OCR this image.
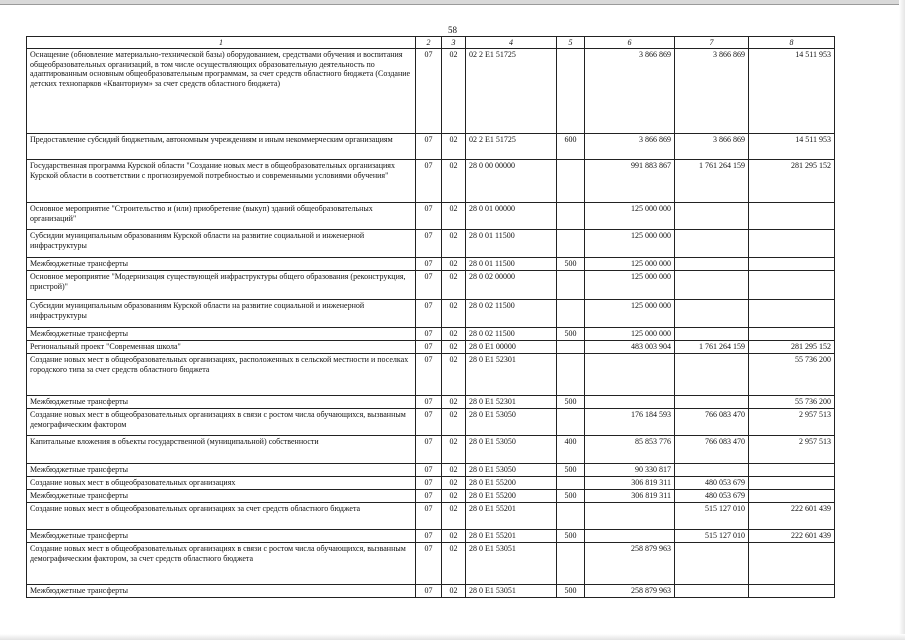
58
1	2	3	4	5	6	7	8
Оснащение (обновление материально-технической базы) оборудованием, средствами обучения и воспитания общеобразовательных организаций, в том числе осуществляющих образовательную деятельность по адаптированным основным общеобразовательным программам, за счет средств областного бюджета (Создание детских технопарков «Кванториум» за счет средств областного бюджета)	07	02	02 2 E1 51725		3 866 869	3 866 869	14 511 953
Предоставление субсидий бюджетным, автономным учреждениям и иным некоммерческим организациям	07	02	02 2 E1 51725	600	3 866 869	3 866 869	14 511 953
Государственная программа Курской области "Создание новых мест в общеобразовательных организациях Курской области в соответствии с прогнозируемой потребностью и современными условиями обучения"	07	02	28 0 00 00000		991 883 867	1 761 264 159	281 295 152
Основное мероприятие "Строительство и (или) приобретение (выкуп) зданий общеобразовательных организаций"	07	02	28 0 01 00000		125 000 000		
Субсидии муниципальным образованиям Курской области на развитие социальной и инженерной инфраструктуры	07	02	28 0 01 11500		125 000 000		
Межбюджетные трансферты	07	02	28 0 01 11500	500	125 000 000		
Основное мероприятие "Модернизация существующей инфраструктуры общего образования (реконструкция, пристрой)"	07	02	28 0 02 00000		125 000 000		
Субсидии муниципальным образованиям Курской области на развитие социальной и инженерной инфраструктуры	07	02	28 0 02 11500		125 000 000		
Межбюджетные трансферты	07	02	28 0 02 11500	500	125 000 000		
Региональный проект "Современная школа"	07	02	28 0 E1 00000		483 003 904	1 761 264 159	281 295 152
Создание новых мест в общеобразовательных организациях, расположенных в сельской местности и поселках городского типа за счет средств областного бюджета	07	02	28 0 E1 52301				55 736 200
Межбюджетные трансферты	07	02	28 0 E1 52301	500			55 736 200
Создание новых мест в общеобразовательных организациях в связи с ростом числа обучающихся, вызванным демографическим фактором	07	02	28 0 E1 53050		176 184 593	766 083 470	2 957 513
Капитальные вложения в объекты государственной (муниципальной) собственности	07	02	28 0 E1 53050	400	85 853 776	766 083 470	2 957 513
Межбюджетные трансферты	07	02	28 0 E1 53050	500	90 330 817		
Создание новых мест в общеобразовательных организациях	07	02	28 0 E1 55200		306 819 311	480 053 679	
Межбюджетные трансферты	07	02	28 0 E1 55200	500	306 819 311	480 053 679	
Создание новых мест в общеобразовательных организациях за счет средств областного бюджета	07	02	28 0 E1 55201			515 127 010	222 601 439
Межбюджетные трансферты	07	02	28 0 E1 55201	500		515 127 010	222 601 439
Создание новых мест в общеобразовательных организациях в связи с ростом числа обучающихся, вызванным демографическим фактором, за счет средств областного бюджета	07	02	28 0 E1 53051		258 879 963		
Межбюджетные трансферты	07	02	28 0 E1 53051	500	258 879 963		
